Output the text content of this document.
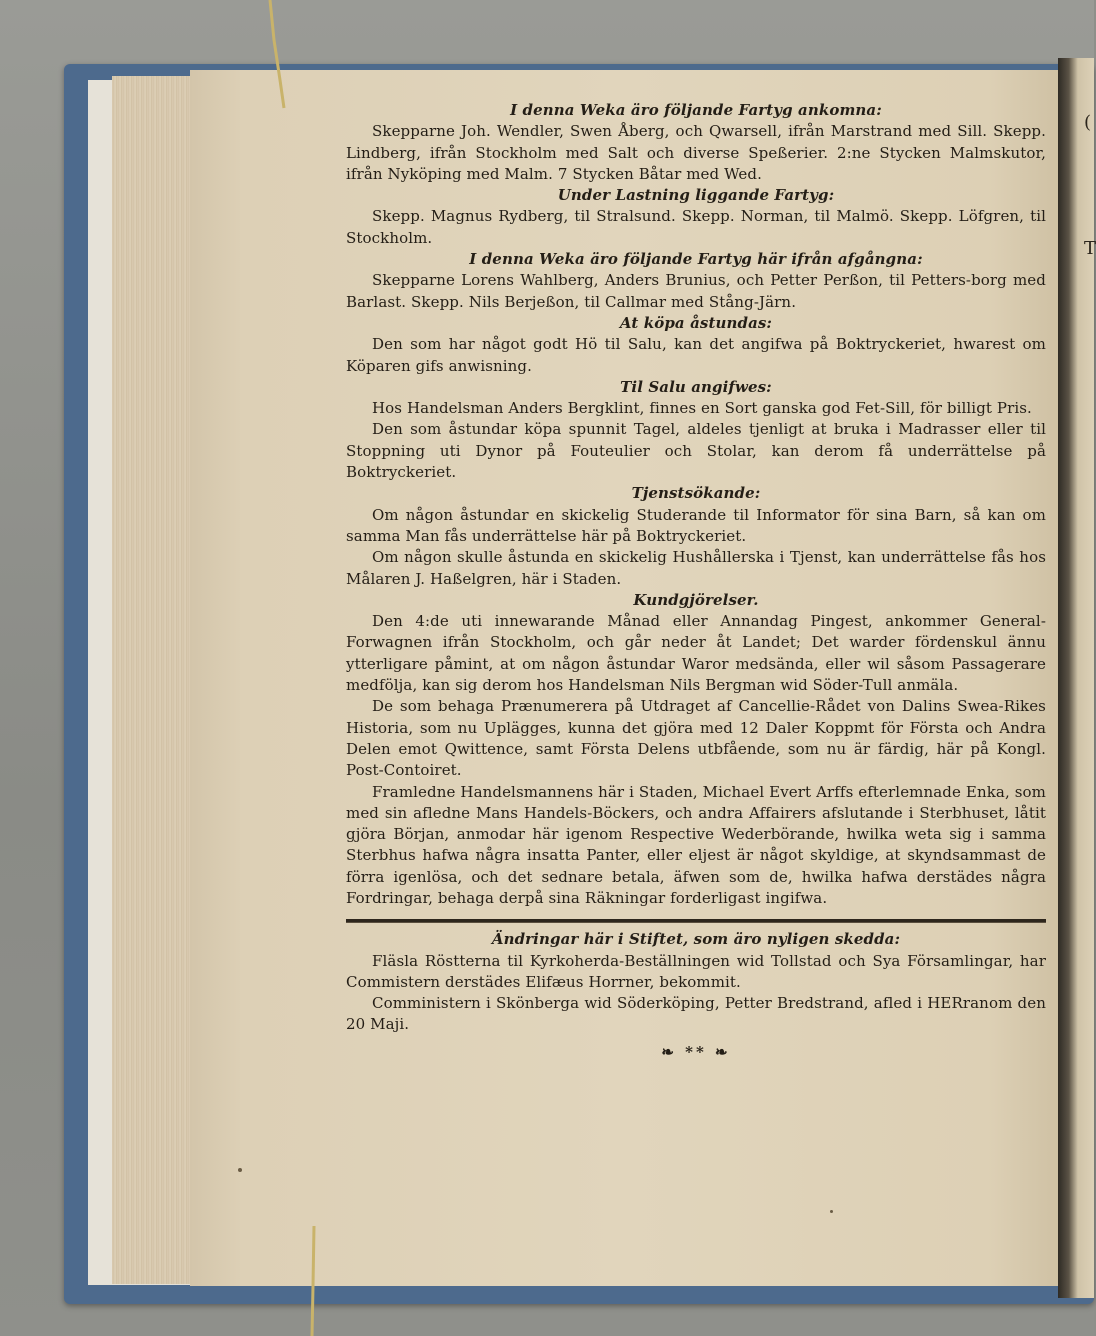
(

T

I denna Weka äro följande Fartyg ankomna:

Skepparne Joh. Wendler, Swen Åberg, och Qwarsell, ifrån Marstrand med Sill. Skepp. Lindberg, ifrån Stockholm med Salt och diverse Speßerier. 2:ne Stycken Malmskutor, ifrån Nyköping med Malm. 7 Stycken Båtar med Wed.

Under Lastning liggande Fartyg:

Skepp. Magnus Rydberg, til Stralsund. Skepp. Norman, til Malmö. Skepp. Löfgren, til Stockholm.

I denna Weka äro följande Fartyg här ifrån afgångna:

Skepparne Lorens Wahlberg, Anders Brunius, och Petter Perßon, til Petters-borg med Barlast. Skepp. Nils Berjeßon, til Callmar med Stång-Järn.

At köpa åstundas:

Den som har något godt Hö til Salu, kan det angifwa på Boktryckeriet, hwarest om Köparen gifs anwisning.

Til Salu angifwes:

Hos Handelsman Anders Bergklint, finnes en Sort ganska god Fet-Sill, för billigt Pris.

Den som åstundar köpa spunnit Tagel, aldeles tjenligt at bruka i Madrasser eller til Stoppning uti Dynor på Fouteulier och Stolar, kan derom få underrättelse på Boktryckeriet.

Tjenstsökande:

Om någon åstundar en skickelig Studerande til Informator för sina Barn, så kan om samma Man fås underrättelse här på Boktryckeriet.

Om någon skulle åstunda en skickelig Hushållerska i Tjenst, kan underrättelse fås hos Målaren J. Haßelgren, här i Staden.

Kundgjörelser.

Den 4:de uti innewarande Månad eller Annandag Pingest, ankommer General-Forwagnen ifrån Stockholm, och går neder åt Landet; Det warder fördenskul ännu ytterligare påmint, at om någon åstundar Waror medsända, eller wil såsom Passagerare medfölja, kan sig derom hos Handelsman Nils Bergman wid Söder-Tull anmäla.

De som behaga Prænumerera på Utdraget af Cancellie-Rådet von Dalins Swea-Rikes Historia, som nu Uplägges, kunna det gjöra med 12 Daler Koppmt för Första och Andra Delen emot Qwittence, samt Första Delens utbfående, som nu är färdig, här på Kongl. Post-Contoiret.

Framledne Handelsmannens här i Staden, Michael Evert Arffs efterlemnade Enka, som med sin afledne Mans Handels-Böckers, och andra Affairers afslutande i Sterbhuset, låtit gjöra Början, anmodar här igenom Respective Wederbörande, hwilka weta sig i samma Sterbhus hafwa några insatta Panter, eller eljest är något skyldige, at skyndsammast de förra igenlösa, och det sednare betala, äfwen som de, hwilka hafwa derstädes några Fordringar, behaga derpå sina Räkningar forderligast ingifwa.

Ändringar här i Stiftet, som äro nyligen skedda:

Fläsla Röstterna til Kyrkoherda-Beställningen wid Tollstad och Sya Församlingar, har Commistern derstädes Elifæus Horrner, bekommit.

Comministern i Skönberga wid Söderköping, Petter Bredstrand, afled i HERranom den 20 Maji.

❧ ** ❧
